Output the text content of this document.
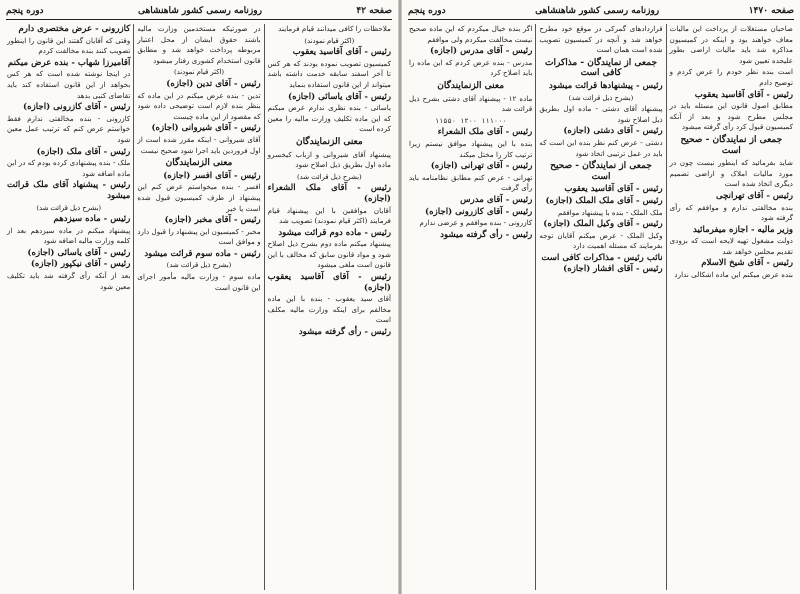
صفحه ۴۲
روزنامه رسمی کشور شاهنشاهی
دوره پنجم

ملاحظات را کافی میدانند قیام فرمایند

(اکثر قیام نمودند)

رئیس - آقای آقاسید یعقوب

کمیسیون تصویب نموده بودند که هر کس تا آخر اسفند سابقه خدمت داشته باشد میتواند از این قانون استفاده بنماید

رئیس - آقای یاسائی (اجازه)

یاسائی - بنده نظری ندارم عرض میکنم که این ماده تکلیف وزارت مالیه را معین کرده است

معنی الزنمایندگان

پیشنهاد آقای شیروانی و ارباب کیخسرو ماده اول بطریق ذیل اصلاح شود

(بشرح ذیل قرائت شد)

رئیس - آقای ملک الشعراء (اجازه)

آقایان موافقین با این پیشنهاد قیام فرمایند (اکثر قیام نمودند) تصویب شد

رئیس - ماده دوم قرائت میشود

پیشنهاد میکنم ماده دوم بشرح ذیل اصلاح شود و مواد قانون سابق که مخالف با این قانون است ملغی میشود

رئیس - آقای آقاسید یعقوب (اجازه)

آقای سید یعقوب - بنده با این ماده مخالفم برای اینکه وزارت مالیه مکلف است

رئیس - رأی گرفته میشود

در صورتیکه مستخدمین وزارت مالیه باشند حقوق ایشان از محل اعتبار مربوطه پرداخت خواهد شد و مطابق قانون استخدام کشوری رفتار میشود

(اکثر قیام نمودند)

رئیس - آقای تدین (اجازه)

تدین - بنده عرض میکنم در این ماده که بنظر بنده لازم است توضیحی داده شود که مقصود از این ماده چیست

رئیس - آقای شیروانی (اجازه)

آقای شیروانی - اینکه مقرر شده است از اول فروردین باید اجرا شود صحیح نیست

معنی الزنمایندگان

رئیس - آقای افسر (اجازه)

افسر - بنده میخواستم عرض کنم این پیشنهاد از طرف کمیسیون قبول شده است یا خیر

رئیس - آقای مخبر (اجازه)

مخبر - کمیسیون این پیشنهاد را قبول دارد و موافق است

رئیس - ماده سوم قرائت میشود

(بشرح ذیل قرائت شد)

ماده سوم - وزارت مالیه مأمور اجرای این قانون است

کازرونی - عرض مختصری دارم

وقتی که آقایان گفتند این قانون را اینطور تصویب کنند بنده مخالفت کردم

آقامیرزا شهاب - بنده عرض میکنم

در اینجا نوشته شده است که هر کس بخواهد از این قانون استفاده کند باید تقاضای کتبی بدهد

رئیس - آقای کازرونی (اجازه)

کازرونی - بنده مخالفتی ندارم فقط خواستم عرض کنم که ترتیب عمل معین شود

رئیس - آقای ملک (اجازه)

ملک - بنده پیشنهادی کرده بودم که در این ماده اضافه شود

رئیس - پیشنهاد آقای ملک قرائت میشود

(بشرح ذیل قرائت شد)

رئیس - ماده سیزدهم

پیشنهاد میکنم در ماده سیزدهم بعد از کلمه وزارت مالیه اضافه شود

رئیس - آقای یاسائی (اجازه)

رئیس - آقای نیکپور (اجازه)

بعد از آنکه رأی گرفته شد باید تکلیف معین شود

صفحه ۱۴۷۰
روزنامه رسمی کشور شاهنشاهی
دوره پنجم

صاحبان مستغلات از پرداخت این مالیات معاف خواهند بود و اینکه در کمیسیون مذاکره شد باید مالیات اراضی بطور علیحده تعیین شود

است بنده نظر خودم را عرض کردم و توضیح دادم

رئیس - آقای آقاسید یعقوب

مطابق اصول قانون این مسئله باید در مجلس مطرح شود و بعد از آنکه کمیسیون قبول کرد رأی گرفته میشود

جمعی از نمایندگان - صحیح است

شاید بفرمائید که اینطور نیست چون در مورد مالیات املاک و اراضی تصمیم دیگری اتخاذ شده است

رئیس - آقای تهرانچی

بنده مخالفتی ندارم و موافقم که رأی گرفته شود

وزیر مالیه - اجازه میفرمائید

دولت مشغول تهیه لایحه است که بزودی تقدیم مجلس خواهد شد

رئیس - آقای شیخ الاسلام

بنده عرض میکنم این ماده اشکالی ندارد

قراردادهای گمرکی در موقع خود مطرح خواهد شد و آنچه در کمیسیون تصویب شده است همان است

جمعی از نمایندگان - مذاکرات کافی است

رئیس - پیشنهادها قرائت میشود

(بشرح ذیل قرائت شد)

پیشنهاد آقای دشتی - ماده اول بطریق ذیل اصلاح شود

رئیس - آقای دشتی (اجازه)

دشتی - عرض کنم نظر بنده این است که باید در عمل ترتیبی اتخاذ شود

جمعی از نمایندگان - صحیح است

رئیس - آقای آقاسید یعقوب

رئیس - آقای ملک الملک (اجازه)

ملک الملک - بنده با پیشنهاد موافقم

رئیس - آقای وکیل الملک (اجازه)

وکیل الملک - عرض میکنم آقایان توجه بفرمایند که مسئله اهمیت دارد

نائب رئیس - مذاکرات کافی است

رئیس - آقای افشار (اجازه)

اگر بنده خیال میکردم که این ماده صحیح نیست مخالفت میکردم ولی موافقم

رئیس - آقای مدرس (اجازه)

مدرس - بنده عرض کردم که این ماده را باید اصلاح کرد

معنی الزنمایندگان

ماده ۱۲ - پیشنهاد آقای دشتی بشرح ذیل قرائت شد

۱۱۱۰۰۰ ۱۲۰۰ ۱۱۵۵۰

رئیس - آقای ملک الشعراء

بنده با این پیشنهاد موافق نیستم زیرا ترتیب کار را مختل میکند

رئیس - آقای تهرانی (اجازه)

تهرانی - عرض کنم مطابق نظامنامه باید رأی گرفت

رئیس - آقای مدرس

رئیس - آقای کازرونی (اجازه)

کازرونی - بنده موافقم و عرضی ندارم

رئیس - رأی گرفته میشود
